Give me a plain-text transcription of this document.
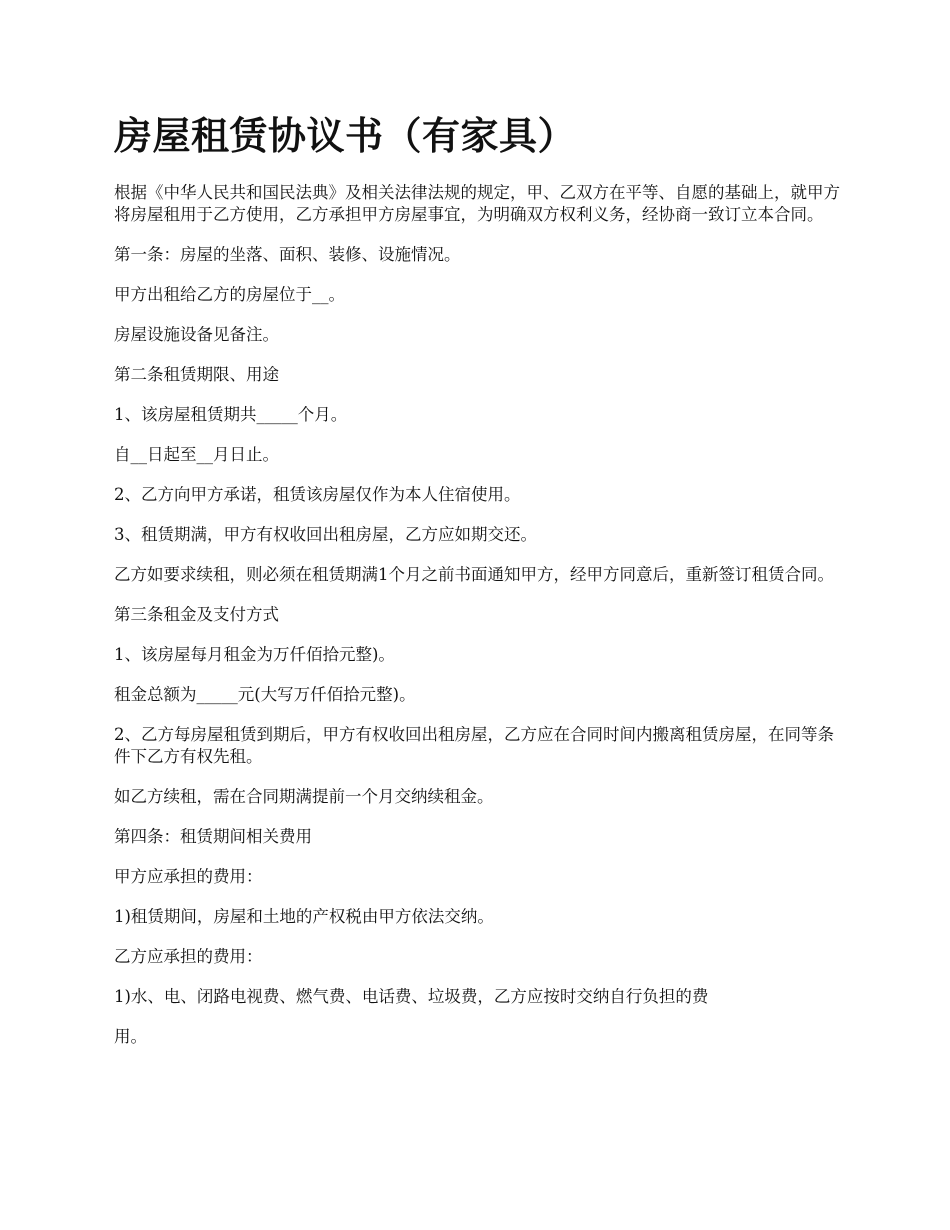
房屋租赁协议书（有家具）

根据《中华人民共和国民法典》及相关法律法规的规定，甲、乙双方在平等、自愿的基础上，就甲方将房屋租用于乙方使用，乙方承担甲方房屋事宜，为明确双方权利义务，经协商一致订立本合同。

第一条：房屋的坐落、面积、装修、设施情况。

甲方出租给乙方的房屋位于__。

房屋设施设备见备注。

第二条租赁期限、用途

1、该房屋租赁期共_____个月。

自__日起至__月日止。

2、乙方向甲方承诺，租赁该房屋仅作为本人住宿使用。

3、租赁期满，甲方有权收回出租房屋，乙方应如期交还。

乙方如要求续租，则必须在租赁期满1个月之前书面通知甲方，经甲方同意后，重新签订租赁合同。

第三条租金及支付方式

1、该房屋每月租金为万仟佰拾元整)。

租金总额为_____元(大写万仟佰拾元整)。

2、乙方每房屋租赁到期后，甲方有权收回出租房屋，乙方应在合同时间内搬离租赁房屋，在同等条件下乙方有权先租。

如乙方续租，需在合同期满提前一个月交纳续租金。

第四条：租赁期间相关费用

甲方应承担的费用：

1)租赁期间，房屋和土地的产权税由甲方依法交纳。

乙方应承担的费用：

1)水、电、闭路电视费、燃气费、电话费、垃圾费，乙方应按时交纳自行负担的费

用。
